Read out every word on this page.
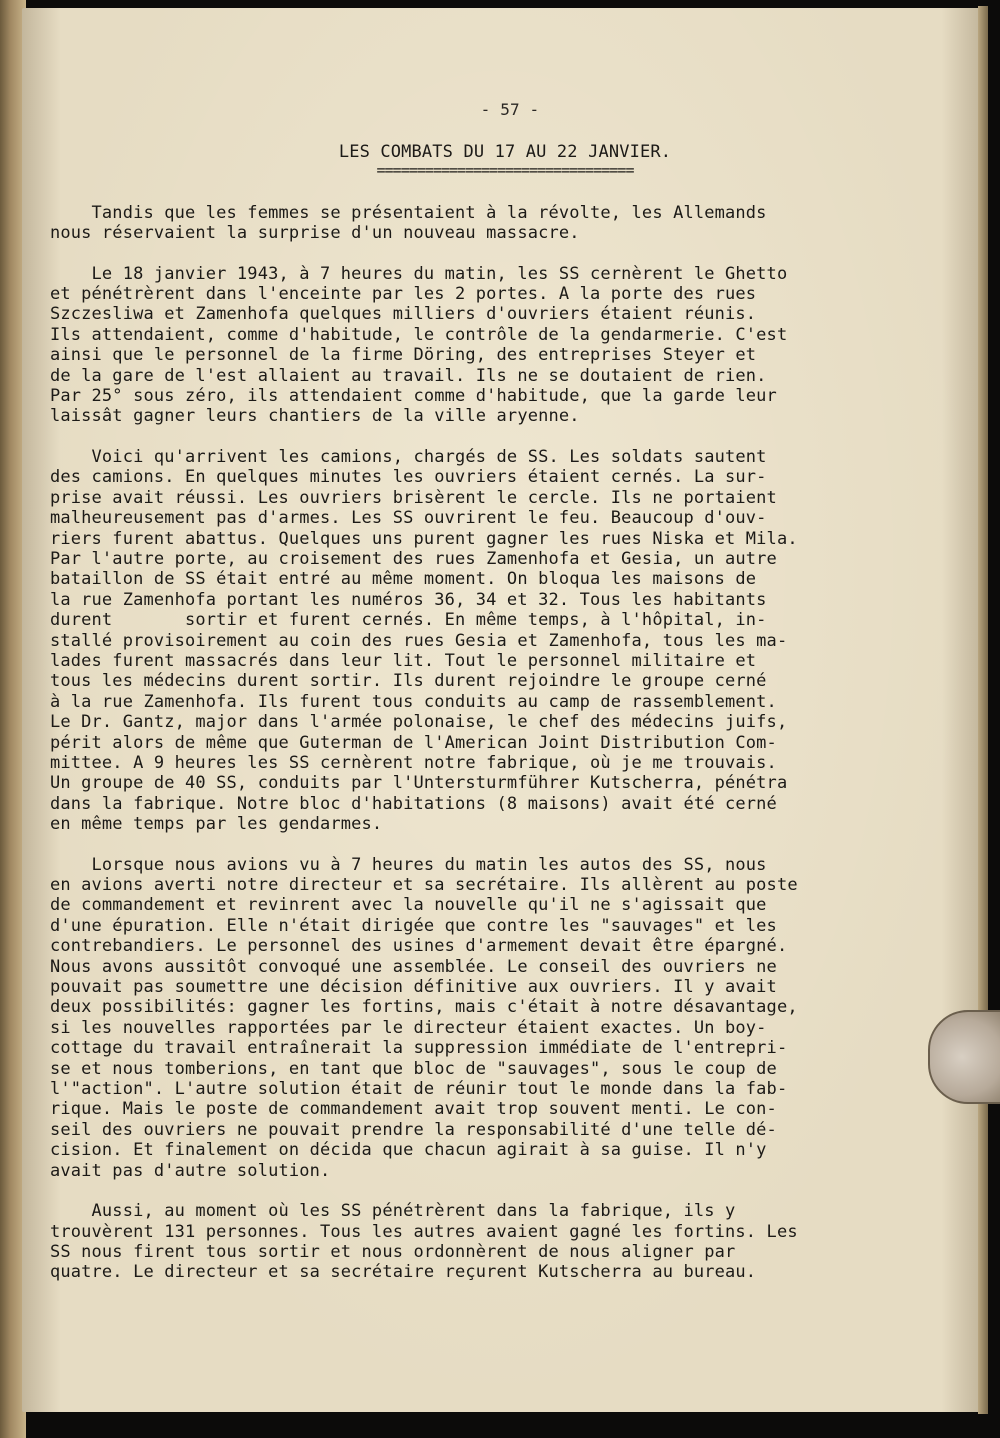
- 57 -

LES COMBATS DU 17 AU 22 JANVIER.

================================

Tandis que les femmes se présentaient à la révolte, les Allemands
nous réservaient la surprise d'un nouveau massacre.
Le 18 janvier 1943, à 7 heures du matin, les SS cernèrent le Ghetto
et pénétrèrent dans l'enceinte par les 2 portes. A la porte des rues
Szczesliwa et Zamenhofa quelques milliers d'ouvriers étaient réunis.
Ils attendaient, comme d'habitude, le contrôle de la gendarmerie. C'est
ainsi que le personnel de la firme Döring, des entreprises Steyer et
de la gare de l'est allaient au travail. Ils ne se doutaient de rien.
Par 25° sous zéro, ils attendaient comme d'habitude, que la garde leur
laissât gagner leurs chantiers de la ville aryenne.
Voici qu'arrivent les camions, chargés de SS. Les soldats sautent
des camions. En quelques minutes les ouvriers étaient cernés. La sur-
prise avait réussi. Les ouvriers brisèrent le cercle. Ils ne portaient
malheureusement pas d'armes. Les SS ouvrirent le feu. Beaucoup d'ouv-
riers furent abattus. Quelques uns purent gagner les rues Niska et Mila.
Par l'autre porte, au croisement des rues Zamenhofa et Gesia, un autre
bataillon de SS était entré au même moment. On bloqua les maisons de
la rue Zamenhofa portant les numéros 36, 34 et 32. Tous les habitants
durent       sortir et furent cernés. En même temps, à l'hôpital, in-
stallé provisoirement au coin des rues Gesia et Zamenhofa, tous les ma-
lades furent massacrés dans leur lit. Tout le personnel militaire et
tous les médecins durent sortir. Ils durent rejoindre le groupe cerné
à la rue Zamenhofa. Ils furent tous conduits au camp de rassemblement.
Le Dr. Gantz, major dans l'armée polonaise, le chef des médecins juifs,
périt alors de même que Guterman de l'American Joint Distribution Com-
mittee. A 9 heures les SS cernèrent notre fabrique, où je me trouvais.
Un groupe de 40 SS, conduits par l'Untersturmführer Kutscherra, pénétra
dans la fabrique. Notre bloc d'habitations (8 maisons) avait été cerné
en même temps par les gendarmes.
Lorsque nous avions vu à 7 heures du matin les autos des SS, nous
en avions averti notre directeur et sa secrétaire. Ils allèrent au poste
de commandement et revinrent avec la nouvelle qu'il ne s'agissait que
d'une épuration. Elle n'était dirigée que contre les "sauvages" et les
contrebandiers. Le personnel des usines d'armement devait être épargné.
Nous avons aussitôt convoqué une assemblée. Le conseil des ouvriers ne
pouvait pas soumettre une décision définitive aux ouvriers. Il y avait
deux possibilités: gagner les fortins, mais c'était à notre désavantage,
si les nouvelles rapportées par le directeur étaient exactes. Un boy-
cottage du travail entraînerait la suppression immédiate de l'entrepri-
se et nous tomberions, en tant que bloc de "sauvages", sous le coup de
l'"action". L'autre solution était de réunir tout le monde dans la fab-
rique. Mais le poste de commandement avait trop souvent menti. Le con-
seil des ouvriers ne pouvait prendre la responsabilité d'une telle dé-
cision. Et finalement on décida que chacun agirait à sa guise. Il n'y
avait pas d'autre solution.
Aussi, au moment où les SS pénétrèrent dans la fabrique, ils y
trouvèrent 131 personnes. Tous les autres avaient gagné les fortins. Les
SS nous firent tous sortir et nous ordonnèrent de nous aligner par
quatre. Le directeur et sa secrétaire reçurent Kutscherra au bureau.
